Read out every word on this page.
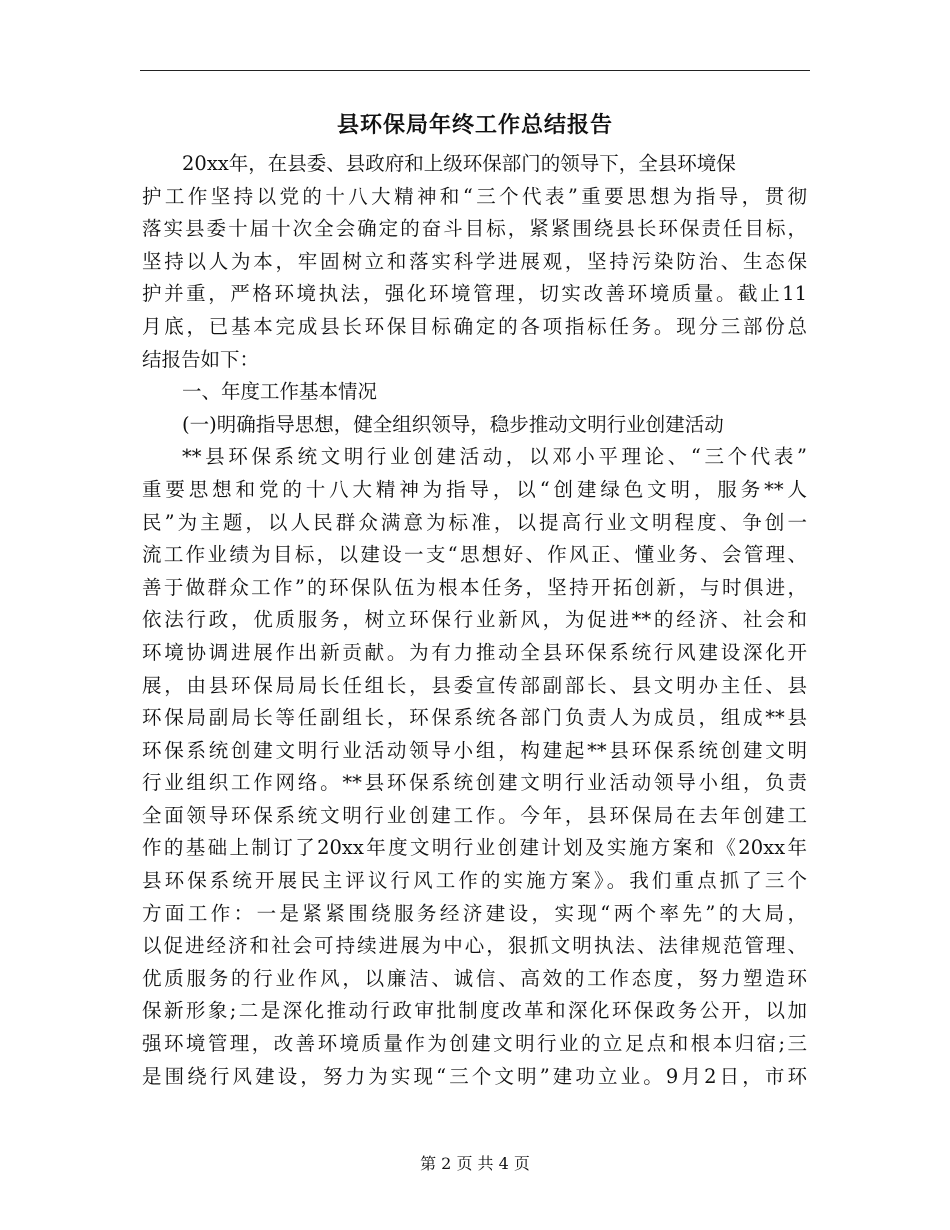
县环保局年终工作总结报告
20xx年，在县委、县政府和上级环保部门的领导下，全县环境保
护工作坚持以党的十八大精神和“三个代表”重要思想为指导，贯彻
落实县委十届十次全会确定的奋斗目标，紧紧围绕县长环保责任目标，
坚持以人为本，牢固树立和落实科学进展观，坚持污染防治、生态保
护并重，严格环境执法，强化环境管理，切实改善环境质量。截止11
月底，已基本完成县长环保目标确定的各项指标任务。现分三部份总
结报告如下：
一、年度工作基本情况
(一)明确指导思想，健全组织领导，稳步推动文明行业创建活动
**县环保系统文明行业创建活动，以邓小平理论、“三个代表”
重要思想和党的十八大精神为指导，以“创建绿色文明，服务**人
民”为主题，以人民群众满意为标准，以提高行业文明程度、争创一
流工作业绩为目标，以建设一支“思想好、作风正、懂业务、会管理、
善于做群众工作”的环保队伍为根本任务，坚持开拓创新，与时俱进，
依法行政，优质服务，树立环保行业新风，为促进**的经济、社会和
环境协调进展作出新贡献。为有力推动全县环保系统行风建设深化开
展，由县环保局局长任组长，县委宣传部副部长、县文明办主任、县
环保局副局长等任副组长，环保系统各部门负责人为成员，组成**县
环保系统创建文明行业活动领导小组，构建起**县环保系统创建文明
行业组织工作网络。**县环保系统创建文明行业活动领导小组，负责
全面领导环保系统文明行业创建工作。今年，县环保局在去年创建工
作的基础上制订了20xx年度文明行业创建计划及实施方案和《20xx年
县环保系统开展民主评议行风工作的实施方案》。我们重点抓了三个
方面工作：一是紧紧围绕服务经济建设，实现“两个率先”的大局，
以促进经济和社会可持续进展为中心，狠抓文明执法、法律规范管理、
优质服务的行业作风，以廉洁、诚信、高效的工作态度，努力塑造环
保新形象;二是深化推动行政审批制度改革和深化环保政务公开，以加
强环境管理，改善环境质量作为创建文明行业的立足点和根本归宿;三
是围绕行风建设，努力为实现“三个文明”建功立业。9月2日，市环
第 2 页 共 4 页
